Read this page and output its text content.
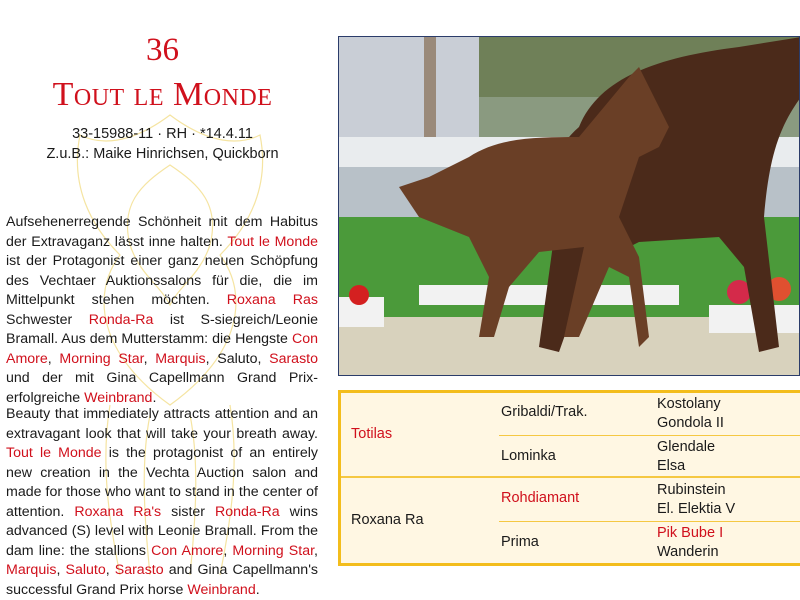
36
Tout le Monde
33-15988-11 · RH · *14.4.11
Z.u.B.: Maike Hinrichsen, Quickborn
Aufsehenerregende Schönheit mit dem Habitus der Extravaganz lässt inne halten. Tout le Monde ist der Protagonist einer ganz neuen Schöpfung des Vechtaer Auktionssalons für die, die im Mittelpunkt stehen möchten. Roxana Ras Schwester Ronda-Ra ist S-siegreich/Leonie Bramall. Aus dem Mutterstamm: die Hengste Con Amore, Morning Star, Marquis, Saluto, Sarasto und der mit Gina Capellmann Grand Prix-erfolgreiche Weinbrand.
Beauty that immediately attracts attention and an extravagant look that will take your breath away. Tout le Monde is the protagonist of an entirely new creation in the Vechta Auction salon and made for those who want to stand in the center of attention. Roxana Ra's sister Ronda-Ra wins advanced (S) level with Leonie Bramall. From the dam line: the stallions Con Amore, Morning Star, Marquis, Saluto, Sarasto and Gina Capellmann's successful Grand Prix horse Weinbrand.
Totilas
Gribaldi/Trak.	Kostolany
Gondola II
Lominka
Glendale
Elsa
Roxana Ra
Rohdiamant	Rubinstein
El. Elektia V
Prima
Pik Bube I
Wanderin
